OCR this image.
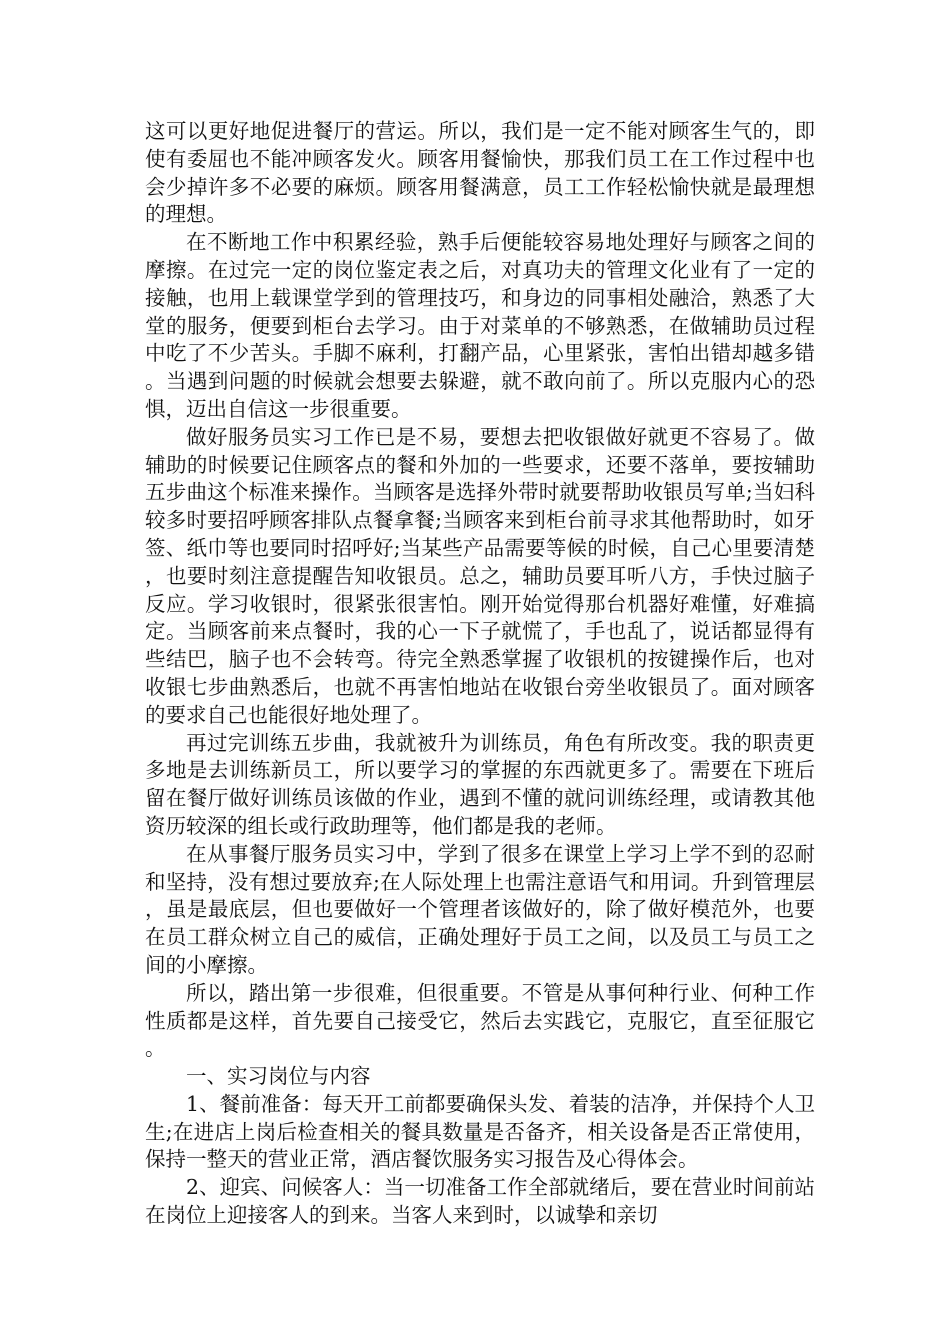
这可以更好地促进餐厅的营运。所以，我们是一定不能对顾客生气的，即使有委屈也不能冲顾客发火。顾客用餐愉快，那我们员工在工作过程中也会少掉许多不必要的麻烦。顾客用餐满意，员工工作轻松愉快就是最理想的理想。

在不断地工作中积累经验，熟手后便能较容易地处理好与顾客之间的摩擦。在过完一定的岗位鉴定表之后，对真功夫的管理文化业有了一定的接触，也用上载课堂学到的管理技巧，和身边的同事相处融洽，熟悉了大堂的服务，便要到柜台去学习。由于对菜单的不够熟悉，在做辅助员过程中吃了不少苦头。手脚不麻利，打翻产品，心里紧张，害怕出错却越多错。当遇到问题的时候就会想要去躲避，就不敢向前了。所以克服内心的恐惧，迈出自信这一步很重要。

做好服务员实习工作已是不易，要想去把收银做好就更不容易了。做辅助的时候要记住顾客点的餐和外加的一些要求，还要不落单，要按辅助五步曲这个标准来操作。当顾客是选择外带时就要帮助收银员写单;当妇科较多时要招呼顾客排队点餐拿餐;当顾客来到柜台前寻求其他帮助时，如牙签、纸巾等也要同时招呼好;当某些产品需要等候的时候，自己心里要清楚，也要时刻注意提醒告知收银员。总之，辅助员要耳听八方，手快过脑子反应。学习收银时，很紧张很害怕。刚开始觉得那台机器好难懂，好难搞定。当顾客前来点餐时，我的心一下子就慌了，手也乱了，说话都显得有些结巴，脑子也不会转弯。待完全熟悉掌握了收银机的按键操作后，也对收银七步曲熟悉后，也就不再害怕地站在收银台旁坐收银员了。面对顾客的要求自己也能很好地处理了。

再过完训练五步曲，我就被升为训练员，角色有所改变。我的职责更多地是去训练新员工，所以要学习的掌握的东西就更多了。需要在下班后留在餐厅做好训练员该做的作业，遇到不懂的就问训练经理，或请教其他资历较深的组长或行政助理等，他们都是我的老师。

在从事餐厅服务员实习中，学到了很多在课堂上学习上学不到的忍耐和坚持，没有想过要放弃;在人际处理上也需注意语气和用词。升到管理层，虽是最底层，但也要做好一个管理者该做好的，除了做好模范外，也要在员工群众树立自己的威信，正确处理好于员工之间，以及员工与员工之间的小摩擦。

所以，踏出第一步很难，但很重要。不管是从事何种行业、何种工作性质都是这样，首先要自己接受它，然后去实践它，克服它，直至征服它。

一、实习岗位与内容

1、餐前准备：每天开工前都要确保头发、着装的洁净，并保持个人卫生;在进店上岗后检查相关的餐具数量是否备齐，相关设备是否正常使用，保持一整天的营业正常，酒店餐饮服务实习报告及心得体会。

2、迎宾、问候客人：当一切准备工作全部就绪后，要在营业时间前站在岗位上迎接客人的到来。当客人来到时，以诚挚和亲切
